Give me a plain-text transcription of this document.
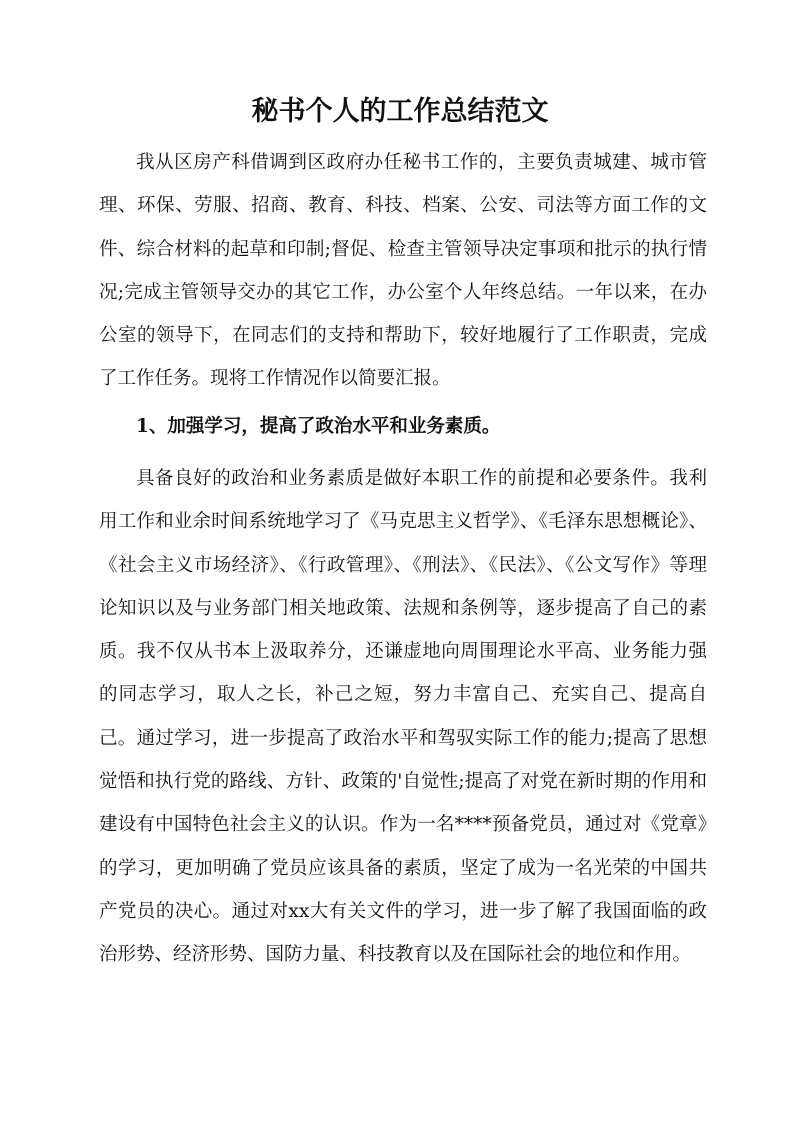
秘书个人的工作总结范文

我从区房产科借调到区政府办任秘书工作的，主要负责城建、城市管理、环保、劳服、招商、教育、科技、档案、公安、司法等方面工作的文件、综合材料的起草和印制;督促、检查主管领导决定事项和批示的执行情况;完成主管领导交办的其它工作，办公室个人年终总结。一年以来，在办公室的领导下，在同志们的支持和帮助下，较好地履行了工作职责，完成了工作任务。现将工作情况作以简要汇报。

1、加强学习，提高了政治水平和业务素质。

具备良好的政治和业务素质是做好本职工作的前提和必要条件。我利用工作和业余时间系统地学习了《马克思主义哲学》、《毛泽东思想概论》、《社会主义市场经济》、《行政管理》、《刑法》、《民法》、《公文写作》等理论知识以及与业务部门相关地政策、法规和条例等，逐步提高了自己的素质。我不仅从书本上汲取养分，还谦虚地向周围理论水平高、业务能力强的同志学习，取人之长，补己之短，努力丰富自己、充实自己、提高自己。通过学习，进一步提高了政治水平和驾驭实际工作的能力;提高了思想觉悟和执行党的路线、方针、政策的'自觉性;提高了对党在新时期的作用和建设有中国特色社会主义的认识。作为一名****预备党员，通过对《党章》的学习，更加明确了党员应该具备的素质，坚定了成为一名光荣的中国共产党员的决心。通过对xx大有关文件的学习，进一步了解了我国面临的政治形势、经济形势、国防力量、科技教育以及在国际社会的地位和作用。
